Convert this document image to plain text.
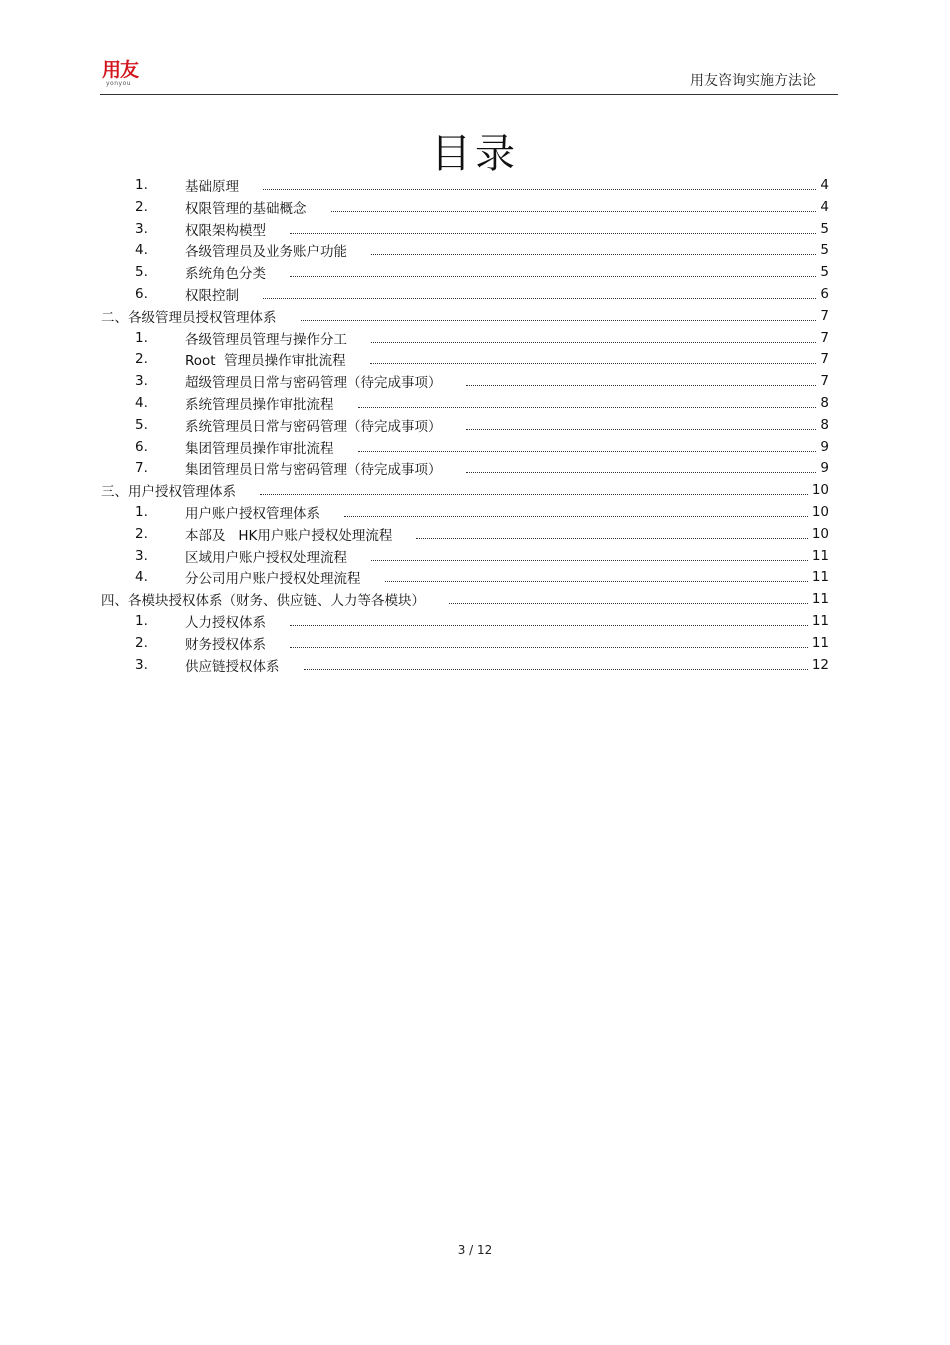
用友
yonyou	用友咨询实施方法论
目录
1.	基础原理	4
2.	权限管理的基础概念	4
3.	权限架构模型	5
4.	各级管理员及业务账户功能	5
5.	系统角色分类	5
6.	权限控制	6
二、各级管理员授权管理体系	7
1.	各级管理员管理与操作分工	7
2.	Root  管理员操作审批流程	7
3.	超级管理员日常与密码管理（待完成事项）	7
4.	系统管理员操作审批流程	8
5.	系统管理员日常与密码管理（待完成事项）	8
6.	集团管理员操作审批流程	9
7.	集团管理员日常与密码管理（待完成事项）	9
三、用户授权管理体系	10
1.	用户账户授权管理体系	10
2.	本部及   HK用户账户授权处理流程	10
3.	区域用户账户授权处理流程	11
4.	分公司用户账户授权处理流程	11
四、各模块授权体系（财务、供应链、人力等各模块）	11
1.	人力授权体系	11
2.	财务授权体系	11
3.	供应链授权体系	12
3 / 12
